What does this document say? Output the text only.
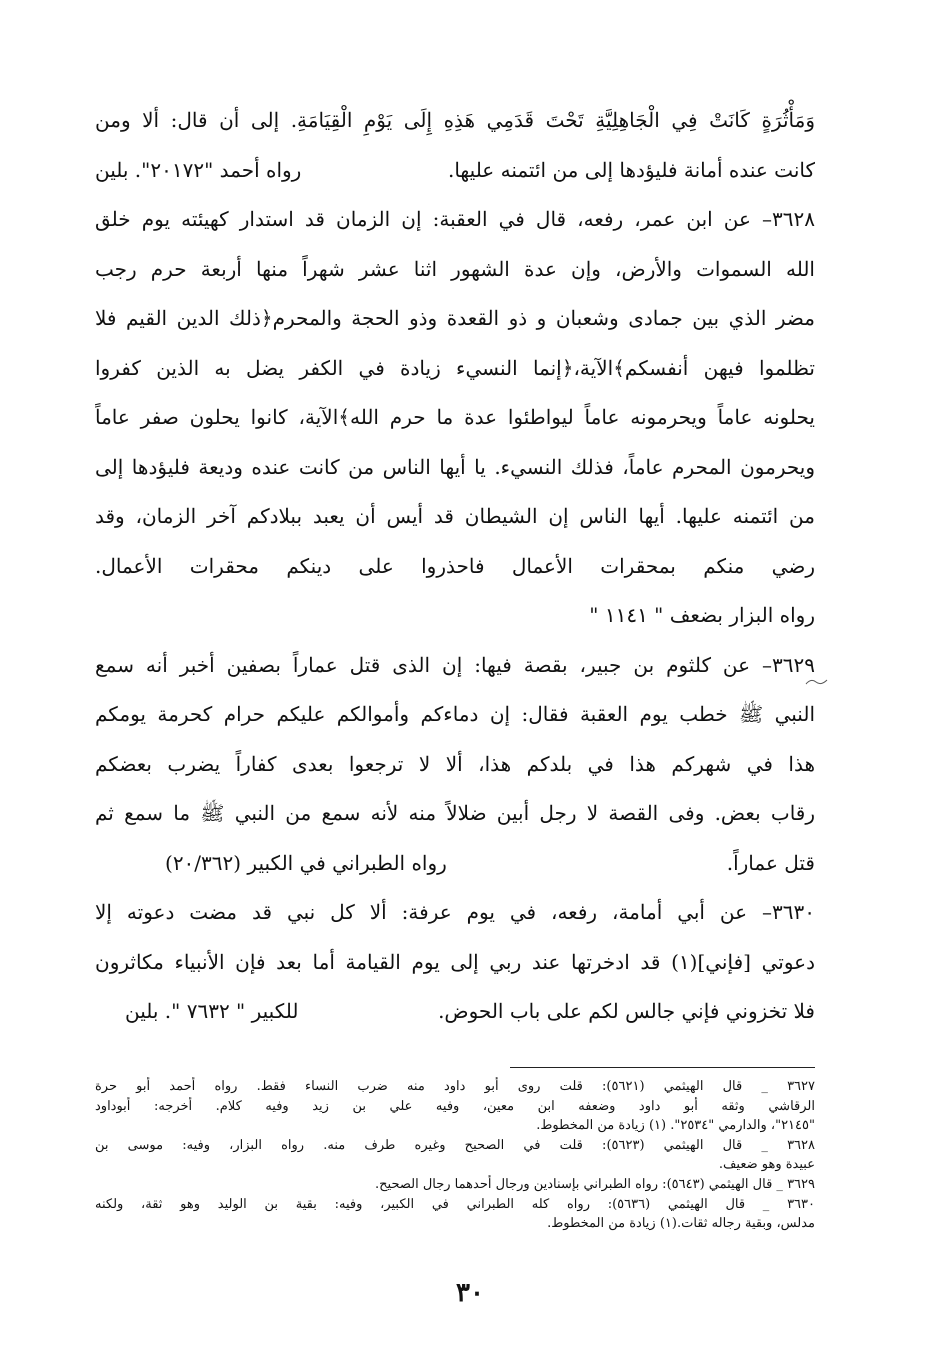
وَمَأْثُرَةٍ كَانَتْ فِي الْجَاهِلِيَّةِ تَحْتَ قَدَمِي هَذِهِ إِلَى يَوْمِ الْقِيَامَةِ. إلى أن قال: ألا ومن
كانت عنده أمانة فليؤدها إلى من ائتمنه عليها.
رواه أحمد "٢٠١٧٢". بلين
٣٦٢٨– عن ابن عمر، رفعه، قال في العقبة: إن الزمان قد استدار كهيئته يوم خلق
الله السموات والأرض، وإن عدة الشهور اثنا عشر شهراً منها أربعة حرم رجب
مضر الذي بين جمادى وشعبان و ذو القعدة وذو الحجة والمحرم﴿ذلك الدين القيم فلا
تظلموا فيهن أنفسكم﴾الآية،﴿إنما النسيء زيادة في الكفر يضل به الذين كفروا
يحلونه عاماً ويحرمونه عاماً ليواطئوا عدة ما حرم الله﴾الآية، كانوا يحلون صفر عاماً
ويحرمون المحرم عاماً، فذلك النسيء. يا أيها الناس من كانت عنده وديعة فليؤدها إلى
من ائتمنه عليها. أيها الناس إن الشيطان قد أيس أن يعبد ببلادكم آخر الزمان، وقد
رضي منكم بمحقرات الأعمال فاحذروا على دينكم محقرات الأعمال.
رواه البزار بضعف " ١١٤١ "
٣٦٢٩– عن كلثوم بن جبير، بقصة فيها: إن الذى قتل عماراً بصفين أخبر أنه سمع
النبي ﷺ خطب يوم العقبة فقال: إن دماءكم وأموالكم عليكم حرام كحرمة يومكم
هذا في شهركم هذا في بلدكم هذا، ألا لا ترجعوا بعدى كفاراً يضرب بعضكم
رقاب بعض. وفى القصة لا رجل أبين ضلالاً منه لأنه سمع من النبي ﷺ ما سمع ثم
قتل عماراً.
رواه الطبراني في الكبير (٢٠/٣٦٢)
٣٦٣٠– عن أبي أمامة، رفعه، في يوم عرفة: ألا كل نبي قد مضت دعوته إلا
دعوتي [فإني](١) قد ادخرتها عند ربي إلى يوم القيامة أما بعد فإن الأنبياء مكاثرون
فلا تخزوني فإني جالس لكم على باب الحوض.
للكبير " ٧٦٣٢ ". بلين
٣٦٢٧ _ قال الهيثمي (٥٦٢١): قلت روى أبو داود منه ضرب النساء فقط. رواه أحمد أبو حرة
الرقاشي وثقه أبو داود وضعفه ابن معين، وفيه علي بن زيد وفيه كلام. أخرجه: أبوداود
"٢١٤٥"، والدارمي "٢٥٣٤". (١) زيادة من المخطوط.
٣٦٢٨ _ قال الهيثمي (٥٦٢٣): قلت في الصحيح وغيره طرف منه. رواه البزار، وفيه: موسى بن
عبيدة وهو ضعيف.
٣٦٢٩ _ قال الهيثمي (٥٦٤٣): رواه الطبراني بإسنادين ورجال أحدهما رجال الصحيح.
٣٦٣٠ _ قال الهيثمي (٥٦٣٦): رواه كله الطبراني في الكبير، وفيه: بقية بن الوليد وهو ثقة، ولكنه
مدلس، وبقية رجاله ثقات.(١) زيادة من المخطوط.
٣٠
